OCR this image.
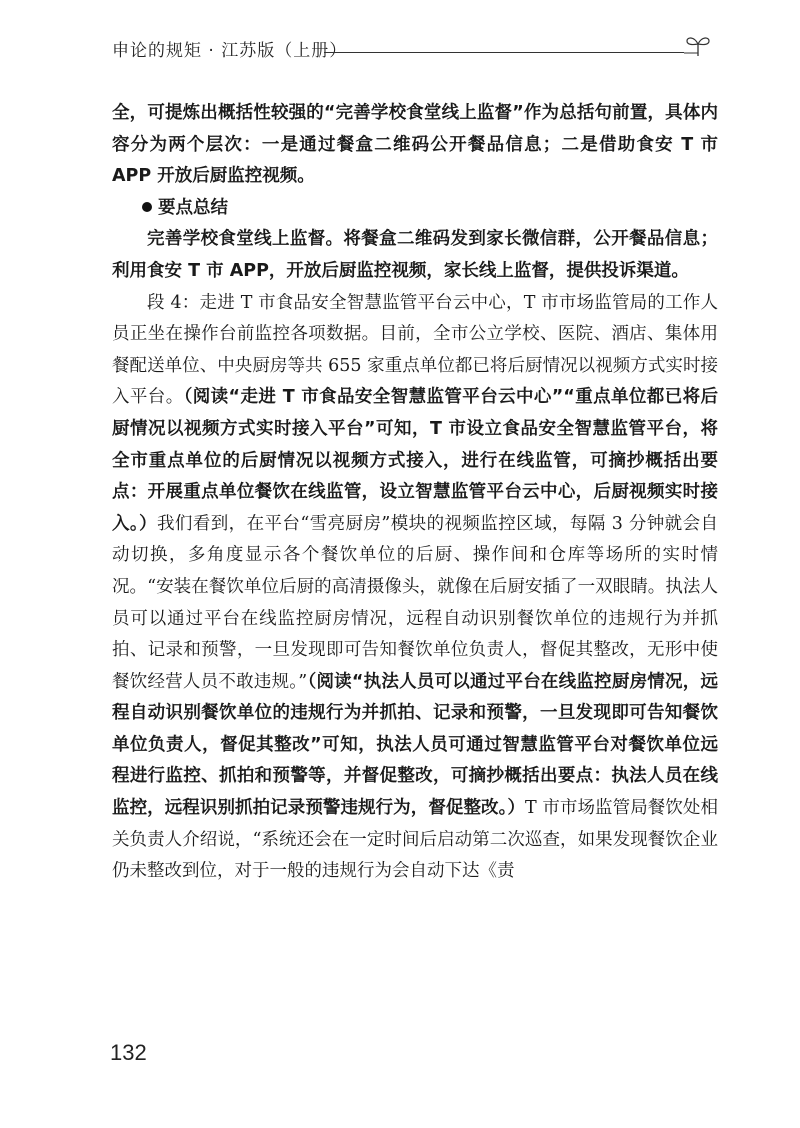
申论的规矩 · 江苏版（上册）

全，可提炼出概括性较强的“完善学校食堂线上监督”作为总括句前置，具体内容分为两个层次：一是通过餐盒二维码公开餐品信息；二是借助食安 T 市 APP 开放后厨监控视频。

要点总结

完善学校食堂线上监督。将餐盒二维码发到家长微信群，公开餐品信息；利用食安 T 市 APP，开放后厨监控视频，家长线上监督，提供投诉渠道。

段 4：走进 T 市食品安全智慧监管平台云中心，T 市市场监管局的工作人员正坐在操作台前监控各项数据。目前，全市公立学校、医院、酒店、集体用餐配送单位、中央厨房等共 655 家重点单位都已将后厨情况以视频方式实时接入平台。（阅读“走进 T 市食品安全智慧监管平台云中心”“重点单位都已将后厨情况以视频方式实时接入平台”可知，T 市设立食品安全智慧监管平台，将全市重点单位的后厨情况以视频方式接入，进行在线监管，可摘抄概括出要点：开展重点单位餐饮在线监管，设立智慧监管平台云中心，后厨视频实时接入。）我们看到，在平台“雪亮厨房”模块的视频监控区域，每隔 3 分钟就会自动切换，多角度显示各个餐饮单位的后厨、操作间和仓库等场所的实时情况。“安装在餐饮单位后厨的高清摄像头，就像在后厨安插了一双眼睛。执法人员可以通过平台在线监控厨房情况，远程自动识别餐饮单位的违规行为并抓拍、记录和预警，一旦发现即可告知餐饮单位负责人，督促其整改，无形中使餐饮经营人员不敢违规。”（阅读“执法人员可以通过平台在线监控厨房情况，远程自动识别餐饮单位的违规行为并抓拍、记录和预警，一旦发现即可告知餐饮单位负责人，督促其整改”可知，执法人员可通过智慧监管平台对餐饮单位远程进行监控、抓拍和预警等，并督促整改，可摘抄概括出要点：执法人员在线监控，远程识别抓拍记录预警违规行为，督促整改。）T 市市场监管局餐饮处相关负责人介绍说，“系统还会在一定时间后启动第二次巡查，如果发现餐饮企业仍未整改到位，对于一般的违规行为会自动下达《责

132
